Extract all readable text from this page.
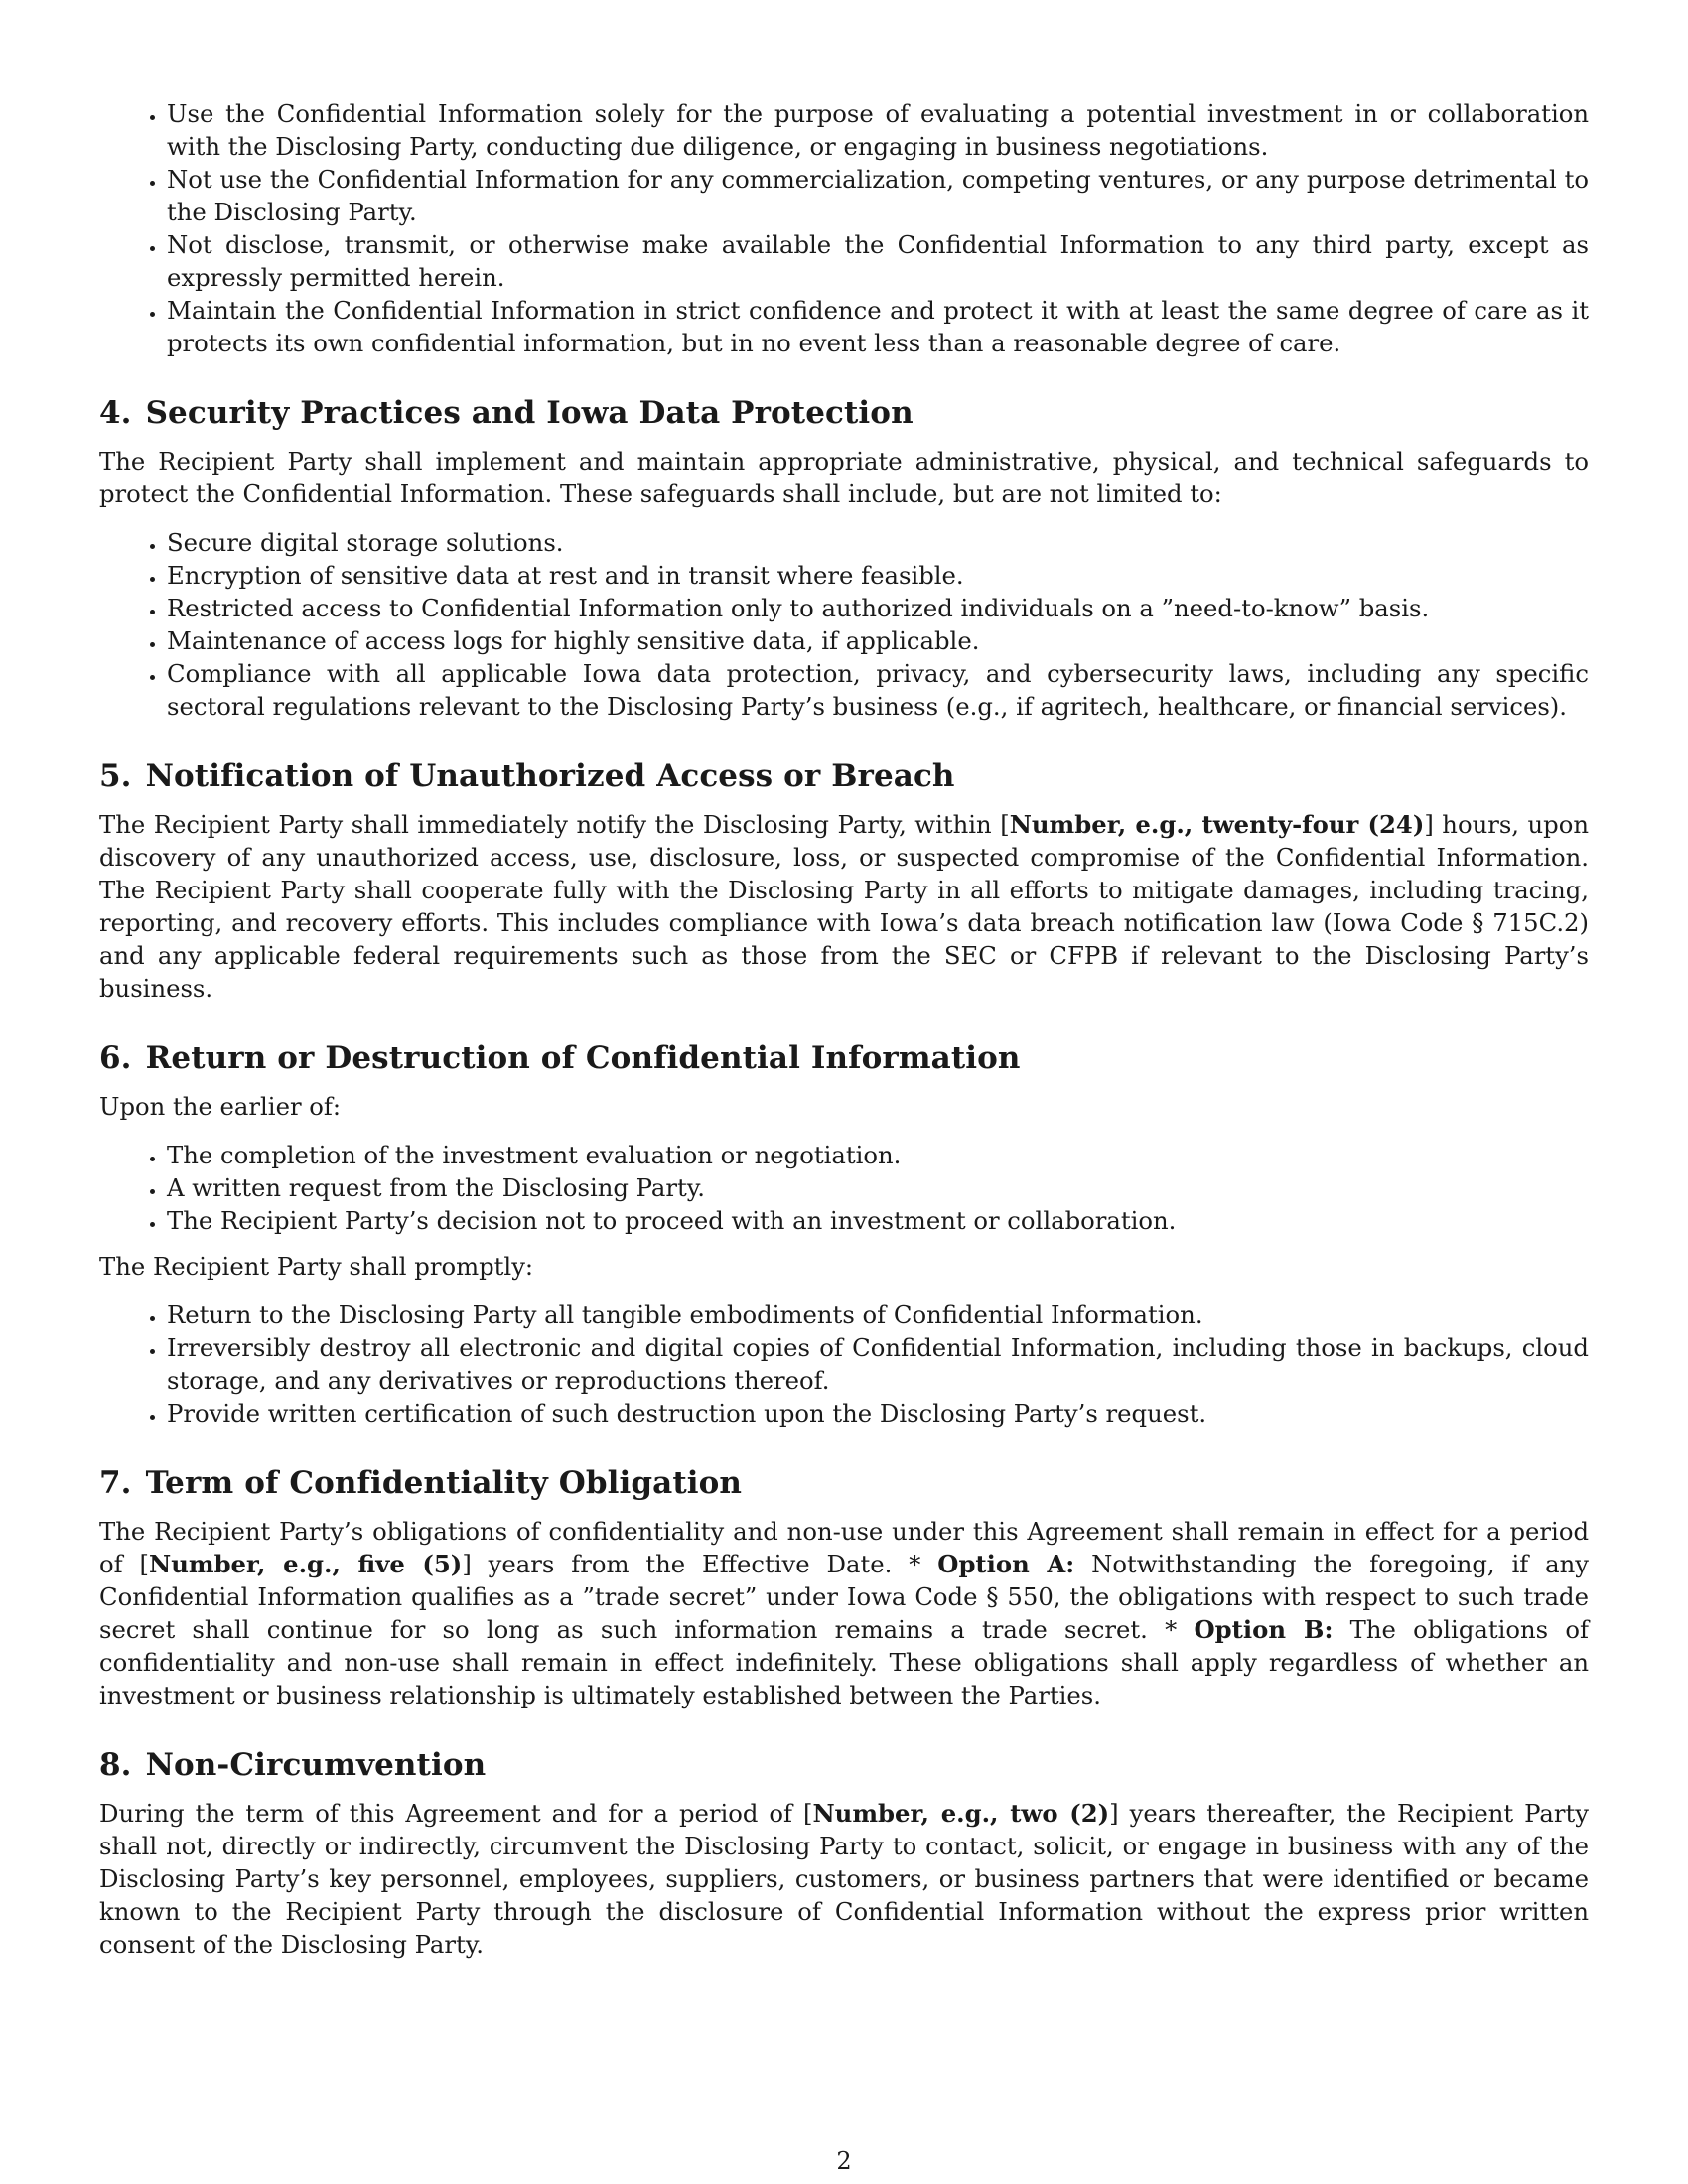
• Use the Confidential Information solely for the purpose of evaluating a potential investment in or collaboration with the Disclosing Party, conducting due diligence, or engaging in business negotiations.
• Not use the Confidential Information for any commercialization, competing ventures, or any purpose detrimental to the Disclosing Party.
• Not disclose, transmit, or otherwise make available the Confidential Information to any third party, except as expressly permitted herein.
• Maintain the Confidential Information in strict confidence and protect it with at least the same degree of care as it protects its own confidential information, but in no event less than a reasonable degree of care.
4. Security Practices and Iowa Data Protection

The Recipient Party shall implement and maintain appropriate administrative, physical, and technical safeguards to protect the Confidential Information. These safeguards shall include, but are not limited to:

• Secure digital storage solutions.
• Encryption of sensitive data at rest and in transit where feasible.
• Restricted access to Confidential Information only to authorized individuals on a ”need-to-know” basis.
• Maintenance of access logs for highly sensitive data, if applicable.
• Compliance with all applicable Iowa data protection, privacy, and cybersecurity laws, including any specific sectoral regulations relevant to the Disclosing Party’s business (e.g., if agritech, healthcare, or financial services).
5. Notification of Unauthorized Access or Breach

The Recipient Party shall immediately notify the Disclosing Party, within [Number, e.g., twenty-four (24)] hours, upon discovery of any unauthorized access, use, disclosure, loss, or suspected compromise of the Confidential Information. The Recipient Party shall cooperate fully with the Disclosing Party in all efforts to mitigate damages, including tracing, reporting, and recovery efforts. This includes compliance with Iowa’s data breach notification law (Iowa Code § 715C.2) and any applicable federal requirements such as those from the SEC or CFPB if relevant to the Disclosing Party’s business.

6. Return or Destruction of Confidential Information

Upon the earlier of:

• The completion of the investment evaluation or negotiation.
• A written request from the Disclosing Party.
• The Recipient Party’s decision not to proceed with an investment or collaboration.

The Recipient Party shall promptly:

• Return to the Disclosing Party all tangible embodiments of Confidential Information.
• Irreversibly destroy all electronic and digital copies of Confidential Information, including those in backups, cloud storage, and any derivatives or reproductions thereof.
• Provide written certification of such destruction upon the Disclosing Party’s request.
7. Term of Confidentiality Obligation

The Recipient Party’s obligations of confidentiality and non-use under this Agreement shall remain in effect for a period of [Number, e.g., five (5)] years from the Effective Date. * Option A: Notwithstanding the foregoing, if any Confidential Information qualifies as a ”trade secret” under Iowa Code § 550, the obligations with respect to such trade secret shall continue for so long as such information remains a trade secret. * Option B: The obligations of confidentiality and non-use shall remain in effect indefinitely. These obligations shall apply regardless of whether an investment or business relationship is ultimately established between the Parties.

8. Non-Circumvention

During the term of this Agreement and for a period of [Number, e.g., two (2)] years thereafter, the Recipient Party shall not, directly or indirectly, circumvent the Disclosing Party to contact, solicit, or engage in business with any of the Disclosing Party’s key personnel, employees, suppliers, customers, or business partners that were identified or became known to the Recipient Party through the disclosure of Confidential Information without the express prior written consent of the Disclosing Party.

2
